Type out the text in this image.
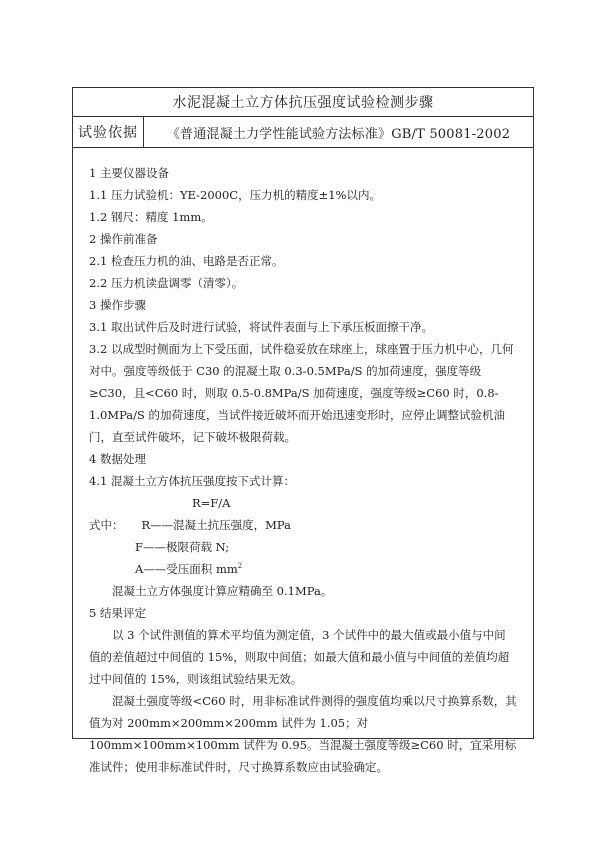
水泥混凝土立方体抗压强度试验检测步骤
试验依据	《普通混凝土力学性能试验方法标准》GB/T 50081-2002

1 主要仪器设备

1.1 压力试验机：YE-2000C，压力机的精度±1%以内。

1.2 钢尺：精度 1mm。

2 操作前准备

2.1 检查压力机的油、电路是否正常。

2.2 压力机读盘调零（清零）。

3 操作步骤

3.1 取出试件后及时进行试验，将试件表面与上下承压板面擦干净。

3.2 以成型时侧面为上下受压面，试件稳妥放在球座上，球座置于压力机中心，几何对中。强度等级低于 C30 的混凝土取 0.3-0.5MPa/S 的加荷速度，强度等级≥C30，且<C60 时，则取 0.5-0.8MPa/S 加荷速度，强度等级≥C60 时，0.8-1.0MPa/S 的加荷速度，当试件接近破坏而开始迅速变形时，应停止调整试验机油门，直至试件破坏，记下破坏极限荷载。

4 数据处理

4.1 混凝土立方体抗压强度按下式计算：

R=F/A

式中： R——混凝土抗压强度，MPa

F——极限荷载 N;

A——受压面积 $mm^2$

混凝土立方体强度计算应精确至 0.1MPa。

5 结果评定

以 3 个试件测值的算术平均值为测定值，3 个试件中的最大值或最小值与中间值的差值超过中间值的 15%，则取中间值；如最大值和最小值与中间值的差值均超过中间值的 15%，则该组试验结果无效。

混凝土强度等级<C60 时，用非标准试件测得的强度值均乘以尺寸换算系数，其值为对 200mm×200mm×200mm 试件为 1.05；对 100mm×100mm×100mm 试件为 0.95。当混凝土强度等级≥C60 时，宜采用标准试件；使用非标准试件时，尺寸换算系数应由试验确定。
